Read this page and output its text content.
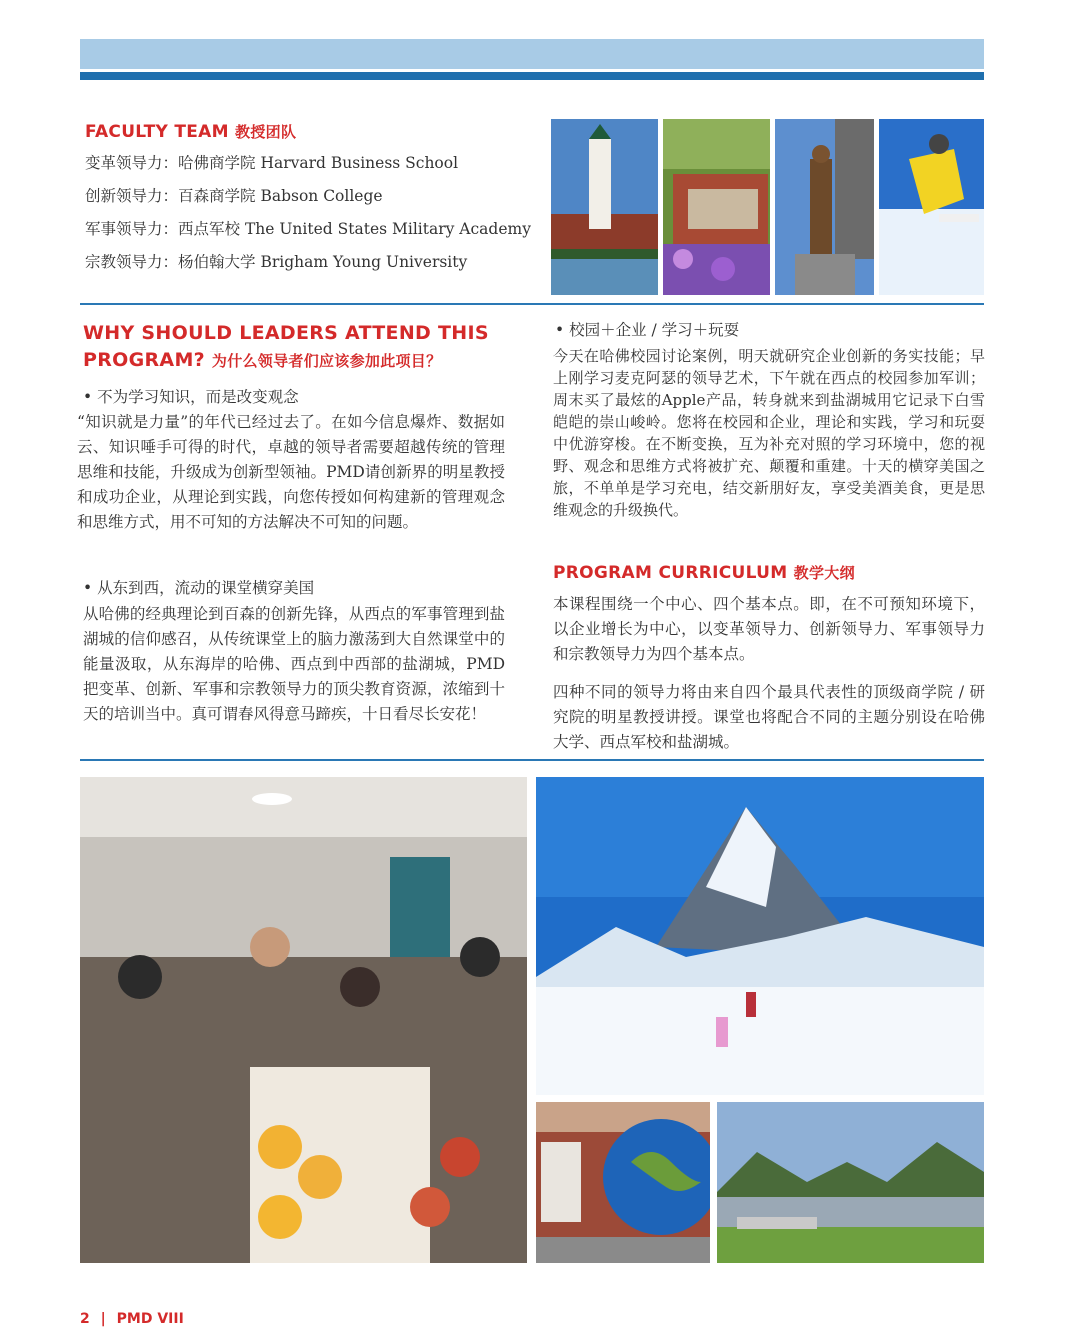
FACULTY TEAM 教授团队
变革领导力：哈佛商学院 Harvard Business School
创新领导力：百森商学院 Babson College
军事领导力：西点军校 The United States Military Academy
宗教领导力：杨伯翰大学 Brigham Young University
WHY SHOULD LEADERS ATTEND THIS
PROGRAM? 为什么领导者们应该参加此项目？
• 不为学习知识，而是改变观念
“知识就是力量”的年代已经过去了。在如今信息爆炸、数据如云、知识唾手可得的时代，卓越的领导者需要超越传统的管理思维和技能，升级成为创新型领袖。PMD请创新界的明星教授和成功企业，从理论到实践，向您传授如何构建新的管理观念和思维方式，用不可知的方法解决不可知的问题。
• 从东到西，流动的课堂横穿美国
从哈佛的经典理论到百森的创新先锋，从西点的军事管理到盐湖城的信仰感召，从传统课堂上的脑力激荡到大自然课堂中的能量汲取，从东海岸的哈佛、西点到中西部的盐湖城，PMD把变革、创新、军事和宗教领导力的顶尖教育资源，浓缩到十天的培训当中。真可谓春风得意马蹄疾，十日看尽长安花！
• 校园＋企业 / 学习＋玩耍
今天在哈佛校园讨论案例，明天就研究企业创新的务实技能；早上刚学习麦克阿瑟的领导艺术，下午就在西点的校园参加军训；周末买了最炫的Apple产品，转身就来到盐湖城用它记录下白雪皑皑的崇山峻岭。您将在校园和企业，理论和实践，学习和玩耍中优游穿梭。在不断变换，互为补充对照的学习环境中，您的视野、观念和思维方式将被扩充、颠覆和重建。十天的横穿美国之旅，不单单是学习充电，结交新朋好友，享受美酒美食，更是思维观念的升级换代。
PROGRAM CURRICULUM 教学大纲
本课程围绕一个中心、四个基本点。即，在不可预知环境下，以企业增长为中心，以变革领导力、创新领导力、军事领导力和宗教领导力为四个基本点。
四种不同的领导力将由来自四个最具代表性的顶级商学院 / 研究院的明星教授讲授。课堂也将配合不同的主题分别设在哈佛大学、西点军校和盐湖城。
2 | PMD VIII
